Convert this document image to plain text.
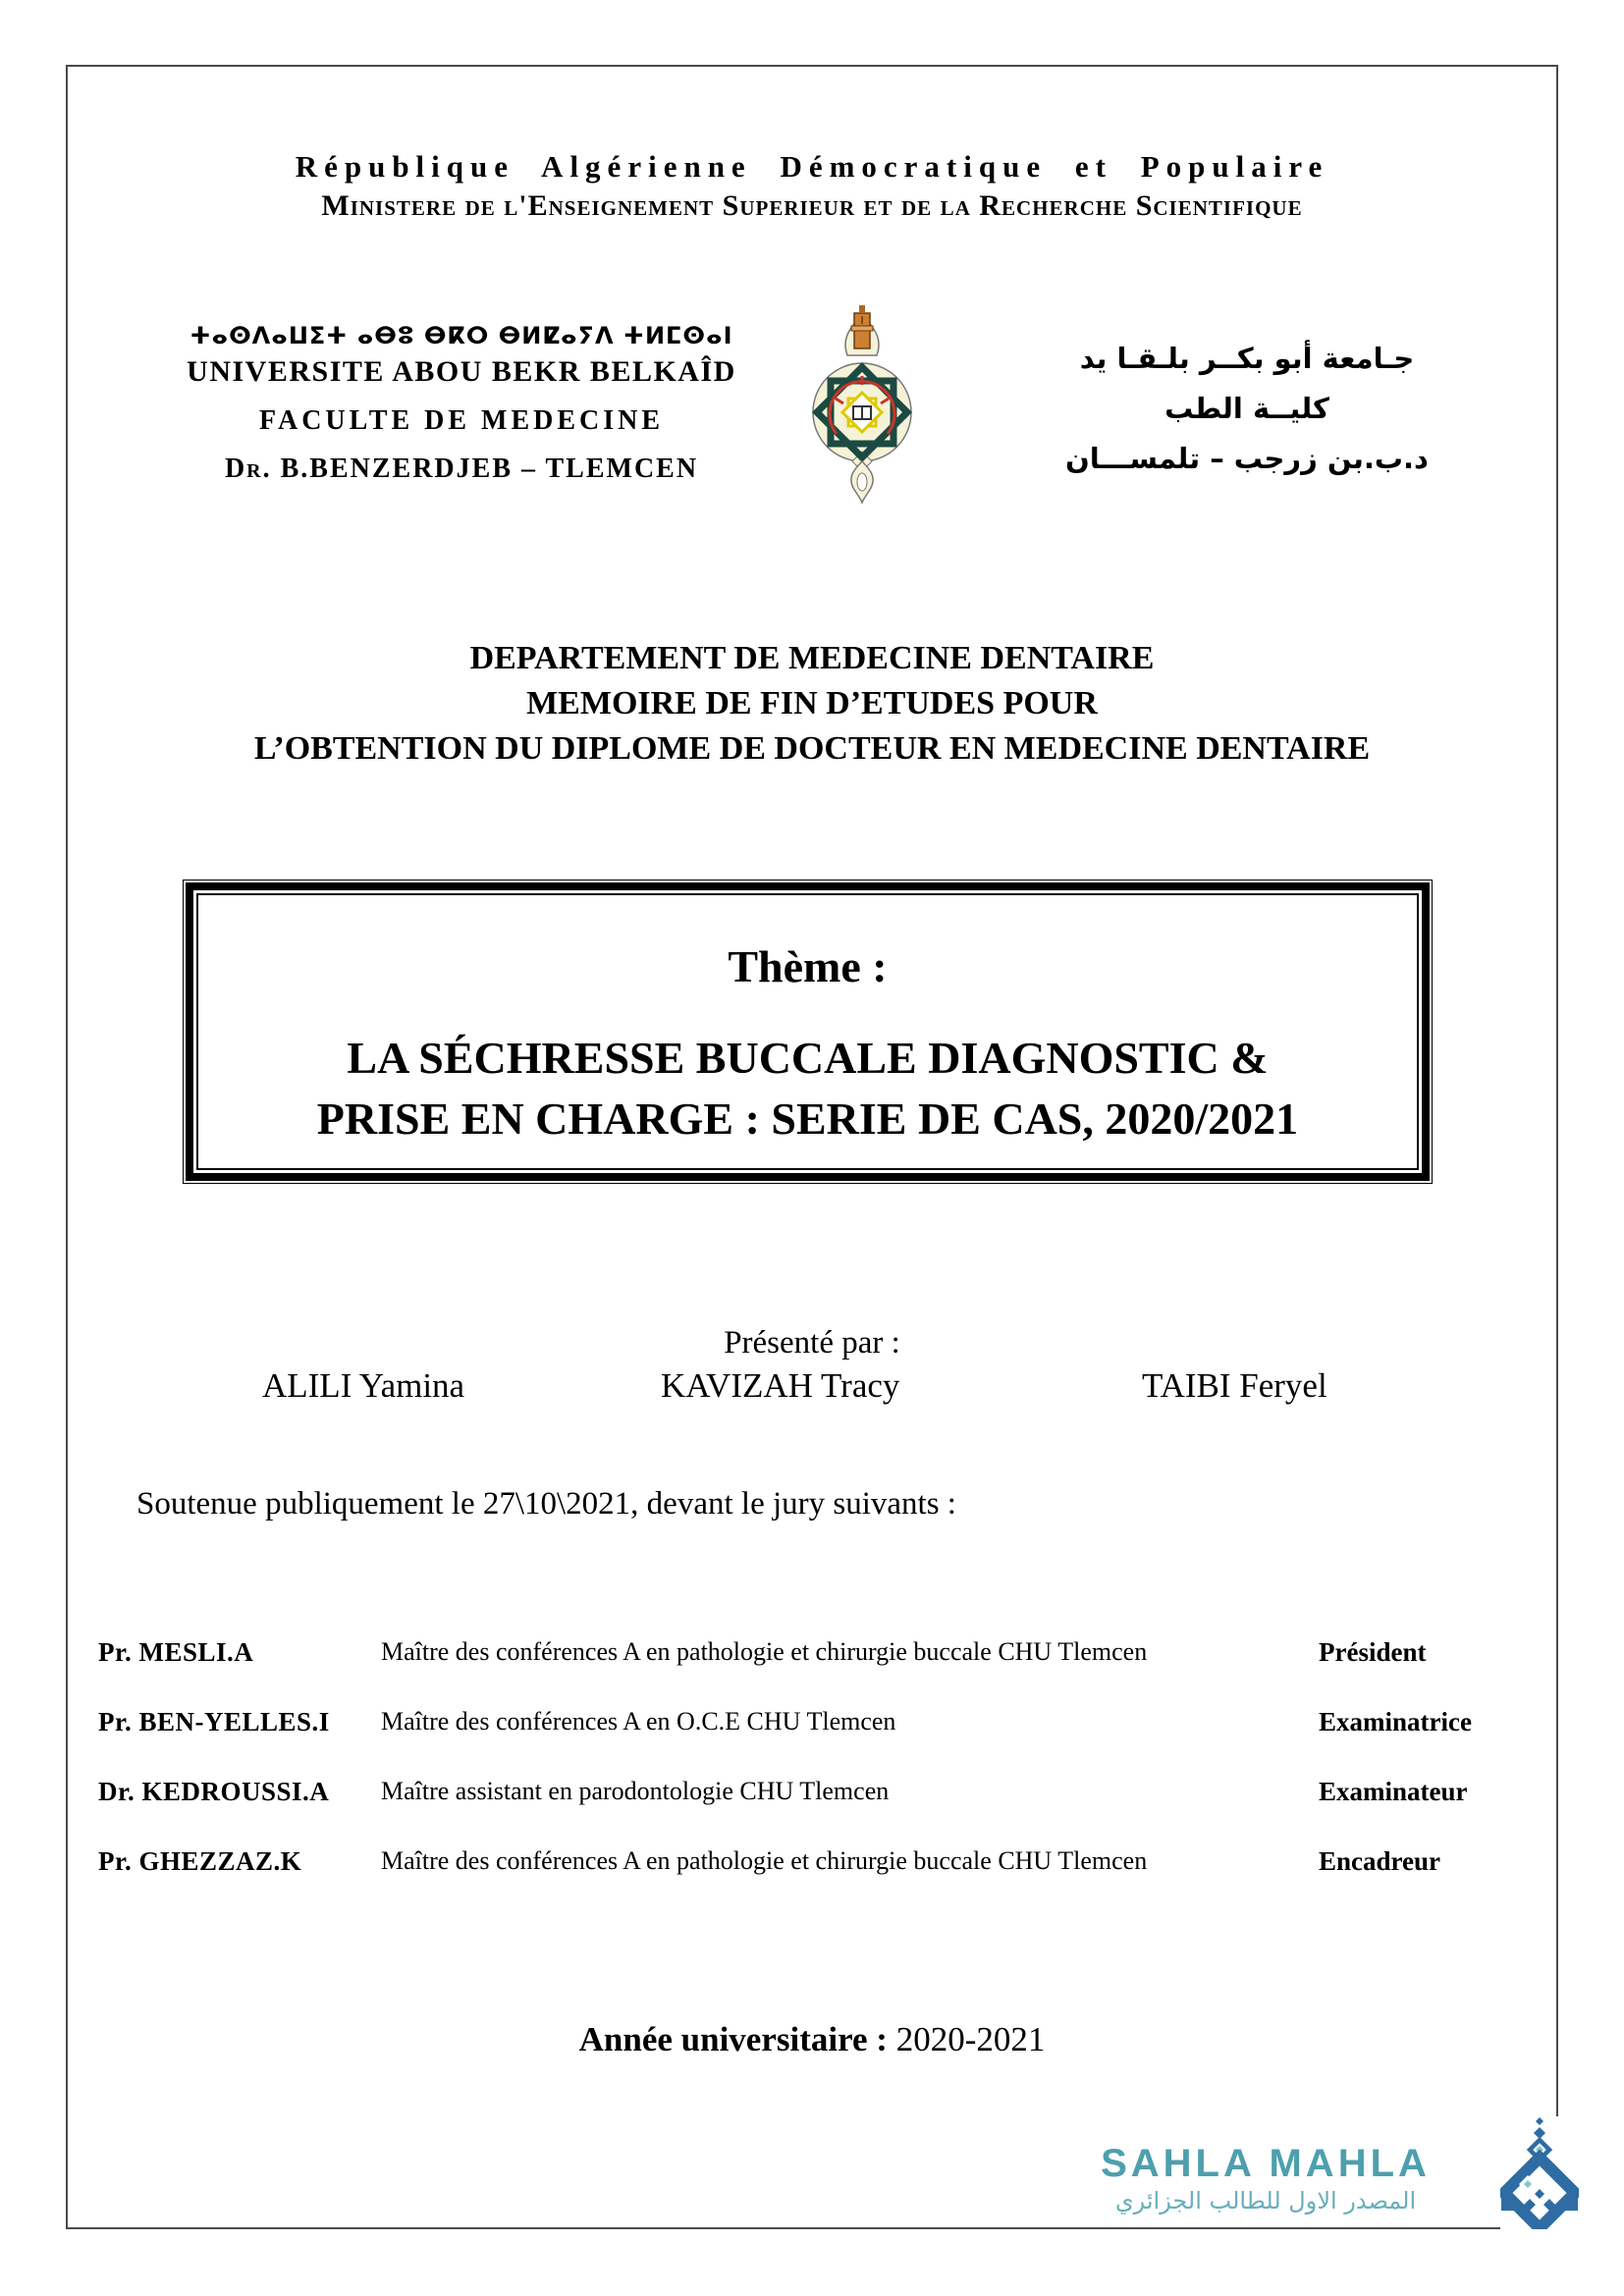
République Algérienne Démocratique et Populaire
Ministere de l'Enseignement Superieur et de la Recherche Scientifique
ⵜⴰⵙⴷⴰⵡⵉⵜ ⴰⴱⵓ ⴱⴽⵔ ⴱⵍⵇⴰⵢⴷ ⵜⵍⵎⵙⴰⵏ
UNIVERSITE ABOU BEKR BELKAÎD
FACULTE DE MEDECINE
Dr. B.BENZERDJEB – TLEMCEN
جـامعة أبو بكــر بلـقـا يد
كليــة الطب
د.ب.بن زرجب – تلمســـان
DEPARTEMENT DE MEDECINE DENTAIRE
MEMOIRE DE FIN D’ETUDES POUR
L’OBTENTION DU DIPLOME DE DOCTEUR EN MEDECINE DENTAIRE
Thème :
LA SÉCHRESSE BUCCALE DIAGNOSTIC &
PRISE EN CHARGE : SERIE DE CAS, 2020/2021
Présenté par :
ALILI Yamina	KAVIZAH Tracy	TAIBI Feryel
Soutenue publiquement le 27\10\2021, devant le jury suivants :
Pr. MESLI.A	Maître des conférences A en pathologie et chirurgie buccale CHU Tlemcen	Président
Pr. BEN-YELLES.I Maître des conférences A en O.C.E CHU Tlemcen	Examinatrice
Dr. KEDROUSSI.A Maître assistant en parodontologie CHU Tlemcen	Examinateur
Pr. GHEZZAZ.K	Maître des conférences A en pathologie et chirurgie buccale CHU Tlemcen	Encadreur
Année universitaire : 2020-2021
SAHLA MAHLA
المصدر الاول للطالب الجزائري
